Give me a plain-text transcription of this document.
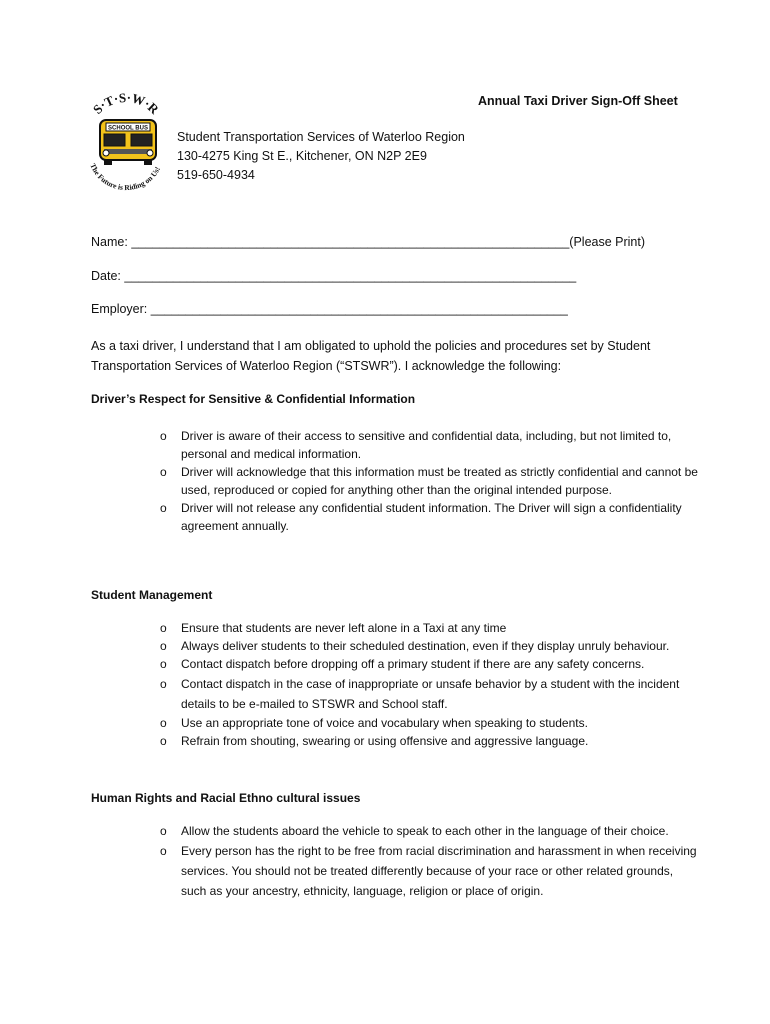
S·T·S·W·R
SCHOOL BUS
The Future is Riding on Us!
Annual Taxi Driver Sign-Off Sheet
Student Transportation Services of Waterloo Region
130-4275 King St E., Kitchener, ON N2P 2E9
519-650-4934
Name: _______________________________________________________________(Please Print)
Date: _________________________________________________________________
Employer: ____________________________________________________________
As a taxi driver, I understand that I am obligated to uphold the policies and procedures set by Student Transportation Services of Waterloo Region (“STSWR”). I acknowledge the following:
Driver’s Respect for Sensitive & Confidential Information
o Driver is aware of their access to sensitive and confidential data, including, but not limited to, personal and medical information.
o Driver will acknowledge that this information must be treated as strictly confidential and cannot be used, reproduced or copied for anything other than the original intended purpose.
o Driver will not release any confidential student information. The Driver will sign a confidentiality agreement annually.
Student Management
o Ensure that students are never left alone in a Taxi at any time
o Always deliver students to their scheduled destination, even if they display unruly behaviour.
o Contact dispatch before dropping off a primary student if there are any safety concerns.
o Contact dispatch in the case of inappropriate or unsafe behavior by a student with the incident details to be e-mailed to STSWR and School staff.
o Use an appropriate tone of voice and vocabulary when speaking to students.
o Refrain from shouting, swearing or using offensive and aggressive language.
Human Rights and Racial Ethno cultural issues
o Allow the students aboard the vehicle to speak to each other in the language of their choice.
o Every person has the right to be free from racial discrimination and harassment in when receiving services. You should not be treated differently because of your race or other related grounds, such as your ancestry, ethnicity, language, religion or place of origin.
